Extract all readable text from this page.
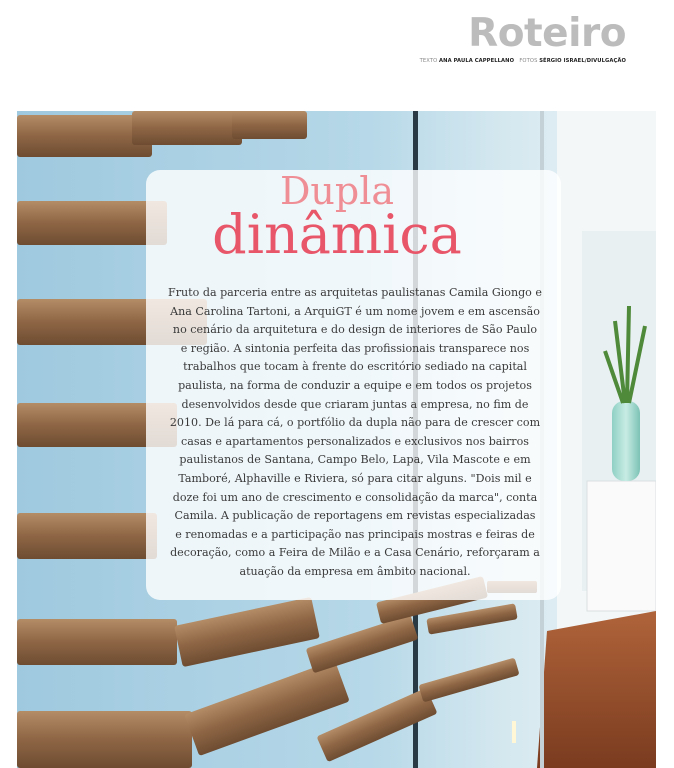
Roteiro
TEXTO ANA PAULA CAPPELLANO FOTOS SÉRGIO ISRAEL/DIVULGAÇÃO
Dupla
dinâmica
Fruto da parceria entre as arquitetas paulistanas Camila Giongo e
Ana Carolina Tartoni, a ArquiGT é um nome jovem e em ascensão
no cenário da arquitetura e do design de interiores de São Paulo
e região. A sintonia perfeita das profissionais transparece nos
trabalhos que tocam à frente do escritório sediado na capital
paulista, na forma de conduzir a equipe e em todos os projetos
desenvolvidos desde que criaram juntas a empresa, no fim de
2010. De lá para cá, o portfólio da dupla não para de crescer com
casas e apartamentos personalizados e exclusivos nos bairros
paulistanos de Santana, Campo Belo, Lapa, Vila Mascote e em
Tamboré, Alphaville e Riviera, só para citar alguns. "Dois mil e
doze foi um ano de crescimento e consolidação da marca", conta
Camila. A publicação de reportagens em revistas especializadas
e renomadas e a participação nas principais mostras e feiras de
decoração, como a Feira de Milão e a Casa Cenário, reforçaram a
atuação da empresa em âmbito nacional.
